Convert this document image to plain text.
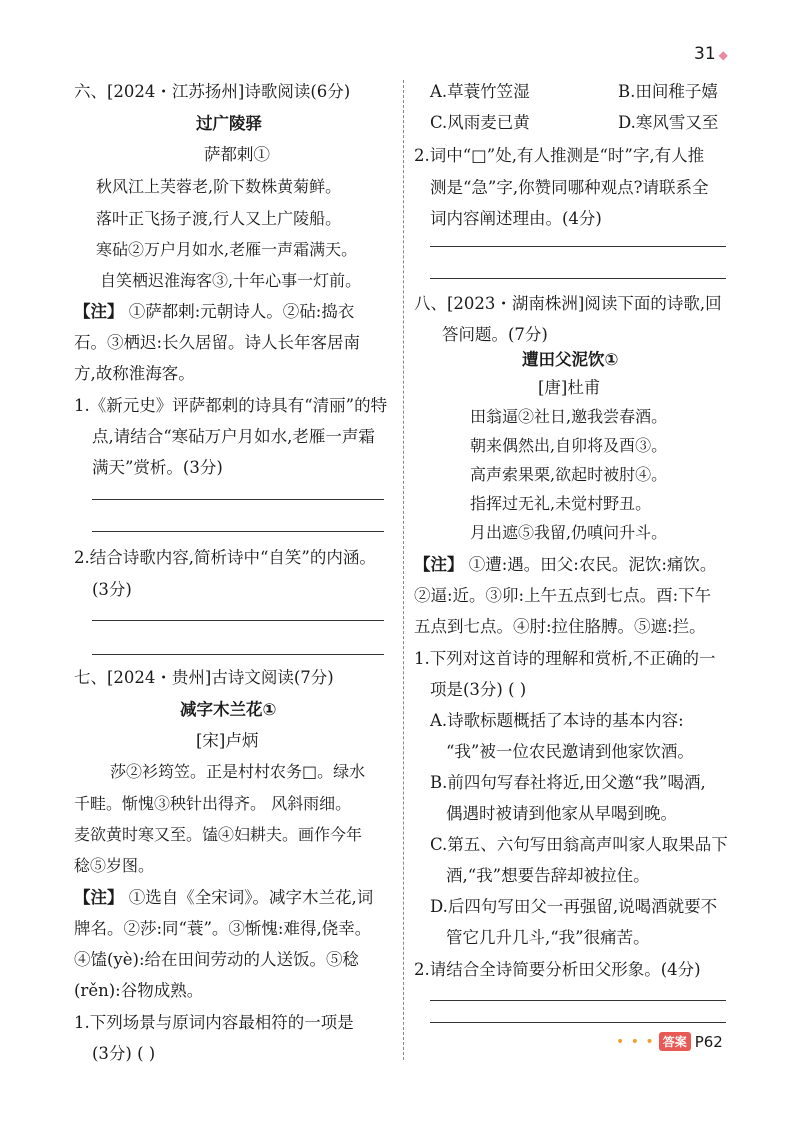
31 ◆
六、[2024・江苏扬州]诗歌阅读(6分)
过广陵驿
萨都剌①
秋风江上芙蓉老,阶下数株黄菊鲜。
落叶正飞扬子渡,行人又上广陵船。
寒砧②万户月如水,老雁一声霜满天。
自笑栖迟淮海客③,十年心事一灯前。
【注】 ①萨都剌:元朝诗人。②砧:捣衣
石。③栖迟:长久居留。诗人长年客居南
方,故称淮海客。
1.《新元史》评萨都剌的诗具有“清丽”的特
点,请结合“寒砧万户月如水,老雁一声霜
满天”赏析。(3分)
2.结合诗歌内容,简析诗中“自笑”的内涵。
(3分)
七、[2024・贵州]古诗文阅读(7分)
减字木兰花①
[宋]卢炳
莎②衫筠笠。正是村村农务□。绿水
千畦。惭愧③秧针出得齐。 风斜雨细。
麦欲黄时寒又至。馌④妇耕夫。画作今年
稔⑤岁图。
【注】 ①选自《全宋词》。减字木兰花,词
牌名。②莎:同“蓑”。③惭愧:难得,侥幸。
④馌(yè):给在田间劳动的人送饭。⑤稔
(rěn):谷物成熟。
1.下列场景与原词内容最相符的一项是
(3分) ( )
A.草蓑竹笠湿	B.田间稚子嬉
C.风雨麦已黄	D.寒风雪又至
2.词中“□”处,有人推测是“时”字,有人推
测是“急”字,你赞同哪种观点?请联系全
词内容阐述理由。(4分)
八、[2023・湖南株洲]阅读下面的诗歌,回
答问题。(7分)
遭田父泥饮①
[唐]杜甫
田翁逼②社日,邀我尝春酒。
朝来偶然出,自卯将及酉③。
高声索果栗,欲起时被肘④。
指挥过无礼,未觉村野丑。
月出遮⑤我留,仍嗔问升斗。
【注】 ①遭:遇。田父:农民。泥饮:痛饮。
②逼:近。③卯:上午五点到七点。酉:下午
五点到七点。④肘:拉住胳膊。⑤遮:拦。
1.下列对这首诗的理解和赏析,不正确的一
项是(3分) ( )
A.诗歌标题概括了本诗的基本内容:
“我”被一位农民邀请到他家饮酒。
B.前四句写春社将近,田父邀“我”喝酒,
偶遇时被请到他家从早喝到晚。
C.第五、六句写田翁高声叫家人取果品下
酒,“我”想要告辞却被拉住。
D.后四句写田父一再强留,说喝酒就要不
管它几升几斗,“我”很痛苦。
2.请结合全诗简要分析田父形象。(4分)
• • • 答案 P62
